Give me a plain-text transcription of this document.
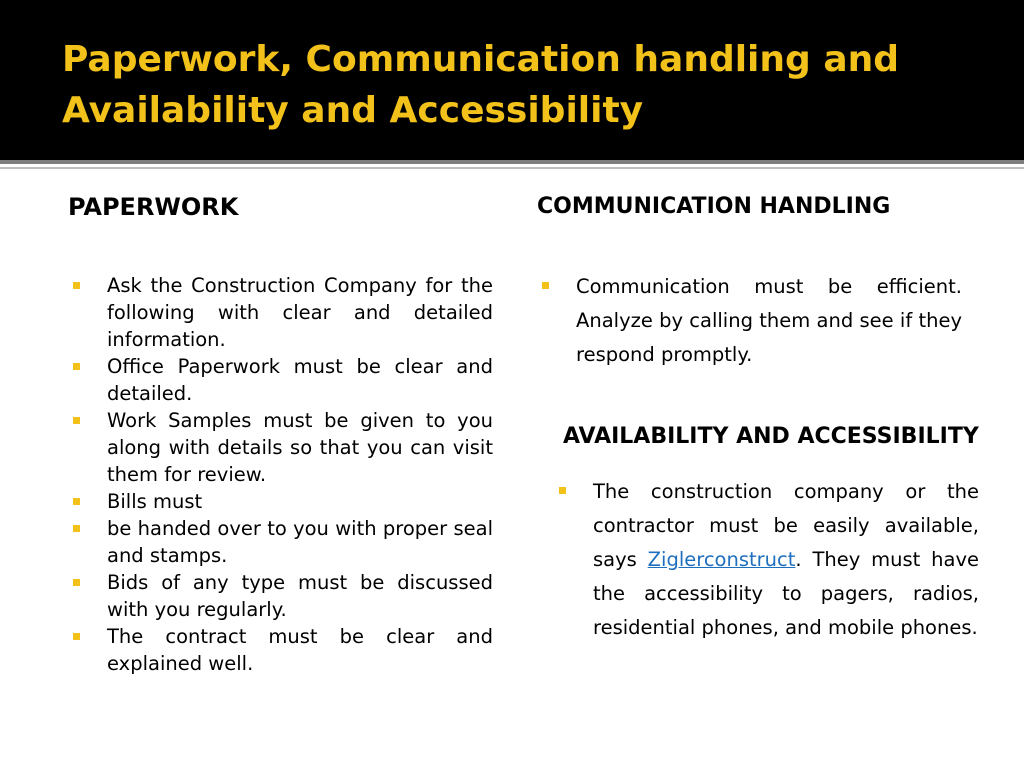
Paperwork, Communication handling and Availability and Accessibility
PAPERWORK
Ask the Construction Company for the following with clear and detailed information.
Office Paperwork must be clear and detailed.
Work Samples must be given to you along with details so that you can visit them for review.
Bills must
be handed over to you with proper seal and stamps.
Bids of any type must be discussed with you regularly.
The contract must be clear and explained well.
COMMUNICATION HANDLING
Communication must be efficient. Analyze by calling them and see if they respond promptly.
AVAILABILITY AND ACCESSIBILITY
The construction company or the contractor must be easily available, says Ziglerconstruct. They must have the accessibility to pagers, radios, residential phones, and mobile phones.
